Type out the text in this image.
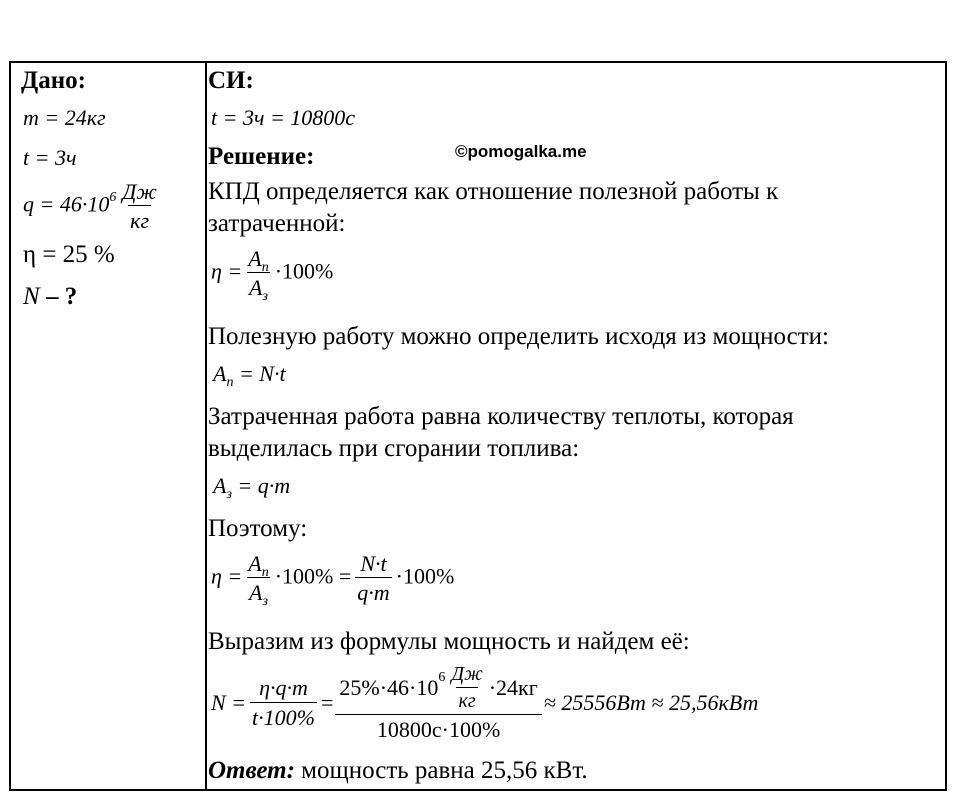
Дано:
m = 24кг
t = 3ч
$q = 46\cdot 10^6 \frac{Дж}{кг}$
η = 25 %
N – ?
СИ:
t = 3ч = 10800c
©pomogalka.me
Решение:
КПД определяется как отношение полезной работы к
затраченной:
$\eta = \frac{A_п}{A_з} \cdot 100\%$
Полезную работу можно определить исходя из мощности:
$A_п = N\cdot t$
Затраченная работа равна количеству теплоты, которая
выделилась при сгорании топлива:
$A_з = q\cdot m$
Поэтому:
$\eta = \frac{A_п}{A_з} \cdot 100\% = \frac{N\cdot t}{q\cdot m} \cdot 100\%$
Выразим из формулы мощность и найдем её:
$N = \frac{\eta\cdot q\cdot m}{t\cdot 100\%} = \frac{25\%\cdot 46\cdot 10 6 \frac{Дж}{кг} \cdot 24кг}{10800c\cdot 100\%} \approx 25556Вт \approx 25,56кВт$
Ответ: мощность равна 25,56 кВт.
